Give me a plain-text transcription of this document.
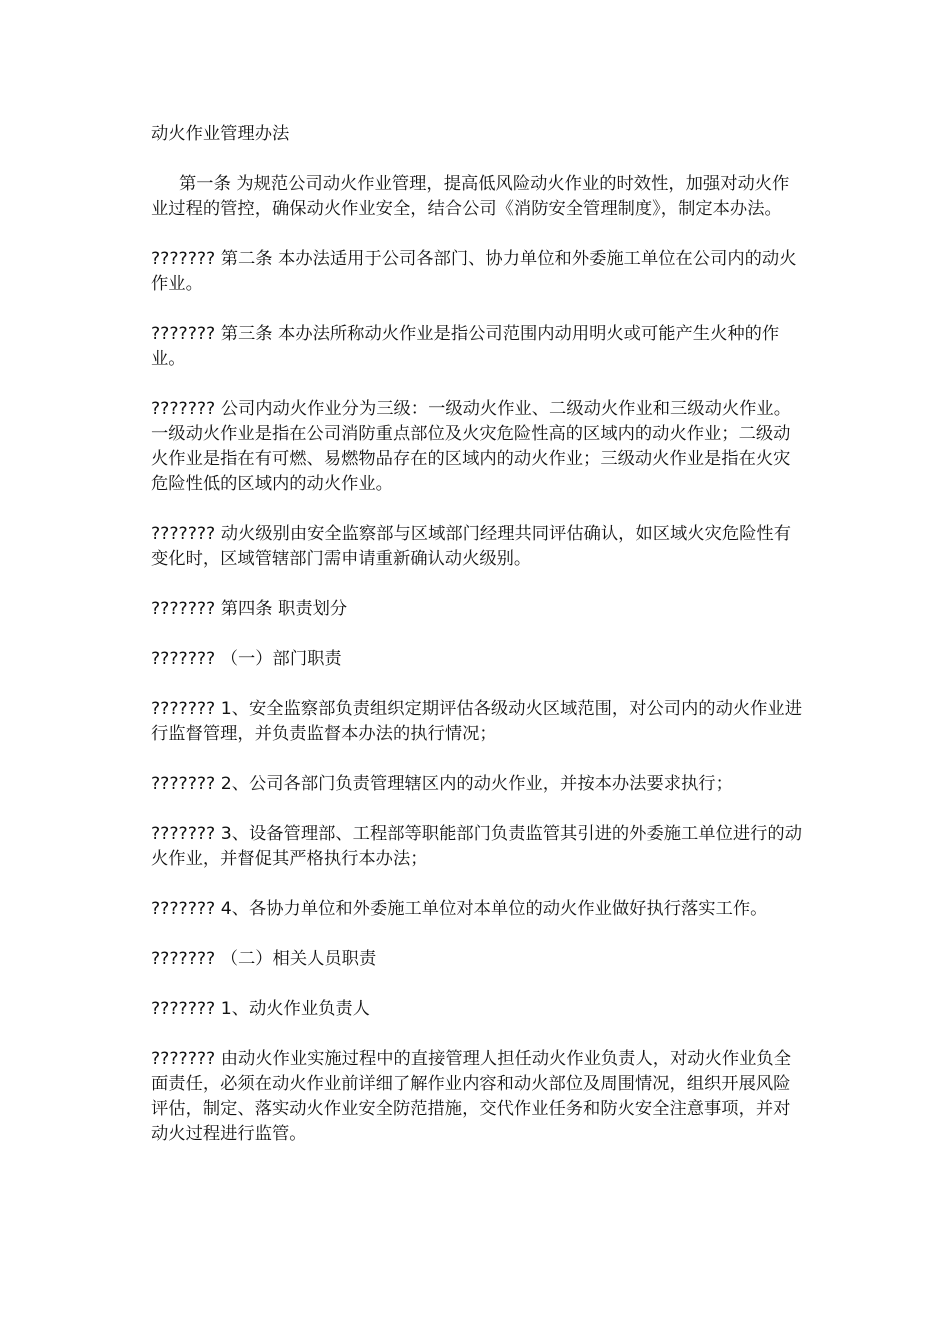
动火作业管理办法

第一条 为规范公司动火作业管理，提高低风险动火作业的时效性，加强对动火作业过程的管控，确保动火作业安全，结合公司《消防安全管理制度》，制定本办法。

??????? 第二条 本办法适用于公司各部门、协力单位和外委施工单位在公司内的动火作业。

??????? 第三条 本办法所称动火作业是指公司范围内动用明火或可能产生火种的作业。

??????? 公司内动火作业分为三级：一级动火作业、二级动火作业和三级动火作业。一级动火作业是指在公司消防重点部位及火灾危险性高的区域内的动火作业；二级动火作业是指在有可燃、易燃物品存在的区域内的动火作业；三级动火作业是指在火灾危险性低的区域内的动火作业。

??????? 动火级别由安全监察部与区域部门经理共同评估确认，如区域火灾危险性有变化时，区域管辖部门需申请重新确认动火级别。

??????? 第四条 职责划分

??????? （一）部门职责

??????? 1、安全监察部负责组织定期评估各级动火区域范围，对公司内的动火作业进行监督管理，并负责监督本办法的执行情况；

??????? 2、公司各部门负责管理辖区内的动火作业，并按本办法要求执行；

??????? 3、设备管理部、工程部等职能部门负责监管其引进的外委施工单位进行的动火作业，并督促其严格执行本办法；

??????? 4、各协力单位和外委施工单位对本单位的动火作业做好执行落实工作。

??????? （二）相关人员职责

??????? 1、动火作业负责人

??????? 由动火作业实施过程中的直接管理人担任动火作业负责人，对动火作业负全面责任，必须在动火作业前详细了解作业内容和动火部位及周围情况，组织开展风险评估，制定、落实动火作业安全防范措施，交代作业任务和防火安全注意事项，并对动火过程进行监管。
